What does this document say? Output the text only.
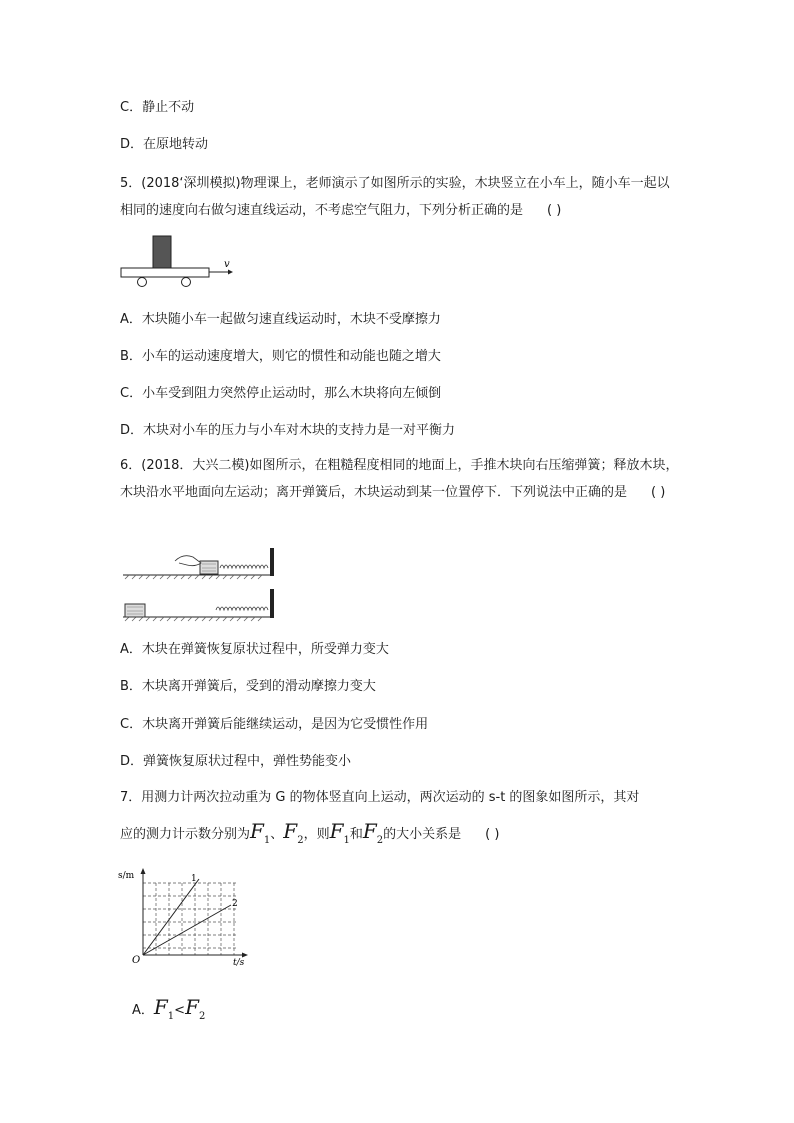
C．静止不动
D．在原地转动
5．(2018‘深圳模拟)物理课上，老师演示了如图所示的实验，木块竖立在小车上，随小车一起以相同的速度向右做匀速直线运动，不考虑空气阻力，下列分析正确的是 ( )
v
A．木块随小车一起做匀速直线运动时，木块不受摩擦力
B．小车的运动速度增大，则它的惯性和动能也随之增大
C．小车受到阻力突然停止运动时，那么木块将向左倾倒
D．木块对小车的压力与小车对木块的支持力是一对平衡力
6．(2018．大兴二模)如图所示，在粗糙程度相同的地面上，手推木块向右压缩弹簧；释放木块，木块沿水平地面向左运动；离开弹簧后，木块运动到某一位置停下．下列说法中正确的是 ( )
A．木块在弹簧恢复原状过程中，所受弹力变大
B．木块离开弹簧后，受到的滑动摩擦力变大
C．木块离开弹簧后能继续运动，是因为它受惯性作用
D．弹簧恢复原状过程中，弹性势能变小
7．用测力计两次拉动重为 G 的物体竖直向上运动，两次运动的 s-t 的图象如图所示，其对
应的测力计示数分别为$F_1$、$F_2$，则$F_1$和$F_2$的大小关系是 ( )
s/m
t/s
O
1
2
A．$F_1<F_2$
